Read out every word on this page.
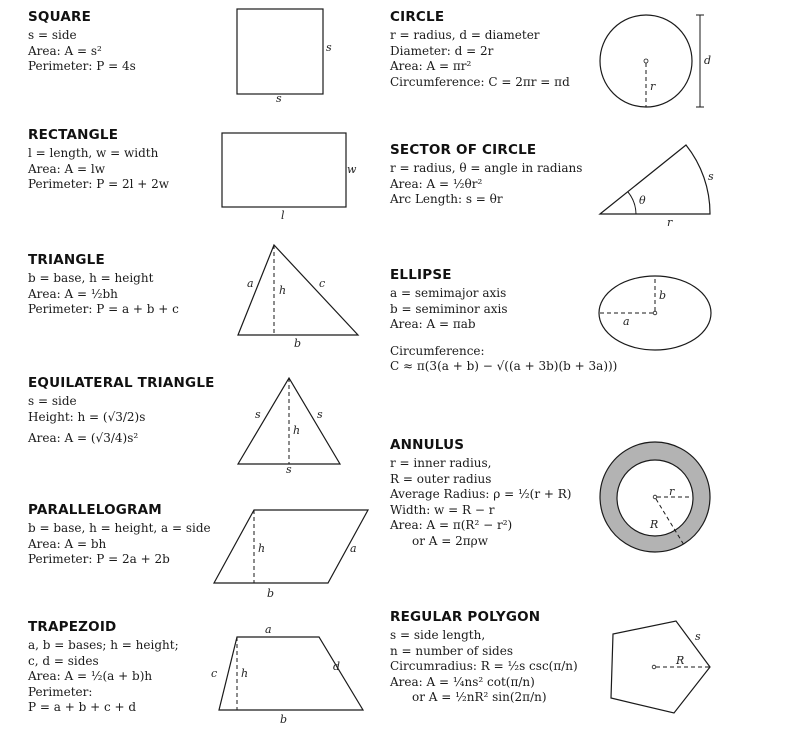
SQUARE
s = side
Area: A = s²
Perimeter: P = 4s
s
s
RECTANGLE
l = length, w = width
Area: A = lw
Perimeter: P = 2l + 2w
w
l
TRIANGLE
b = base, h = height
Area: A = ½bh
Perimeter: P = a + b + c
a
h
c
b
EQUILATERAL TRIANGLE
s = side
Height: h = (√3/2)s
Area: A = (√3/4)s²
s	s
h
s
PARALLELOGRAM
b = base, h = height, a = side
Area: A = bh
Perimeter: P = 2a + 2b
h	a
b
TRAPEZOID
a, b = bases; h = height;
c, d = sides
Area: A = ½(a + b)h
Perimeter:
P = a + b + c + d
a
c h
d
b
CIRCLE
r = radius, d = diameter
Diameter: d = 2r
Area: A = πr²
Circumference: C = 2πr = πd
d
r
SECTOR OF CIRCLE
r = radius, θ = angle in radians
Area: A = ½θr²
Arc Length: s = θr
s
θ
r
ELLIPSE
a = semimajor axis
b = semiminor axis
Area: A = πab
Circumference:
C ≈ π(3(a + b) − √((a + 3b)(b + 3a)))
b
a
ANNULUS
r = inner radius,
R = outer radius
Average Radius: ρ = ½(r + R)
Width: w = R − r
Area: A = π(R² − r²)
or A = 2πρw
r
R
REGULAR POLYGON
s = side length,
n = number of sides
Circumradius: R = ½s csc(π/n)
Area: A = ¼ns² cot(π/n)
or A = ½nR² sin(2π/n)
s
R
